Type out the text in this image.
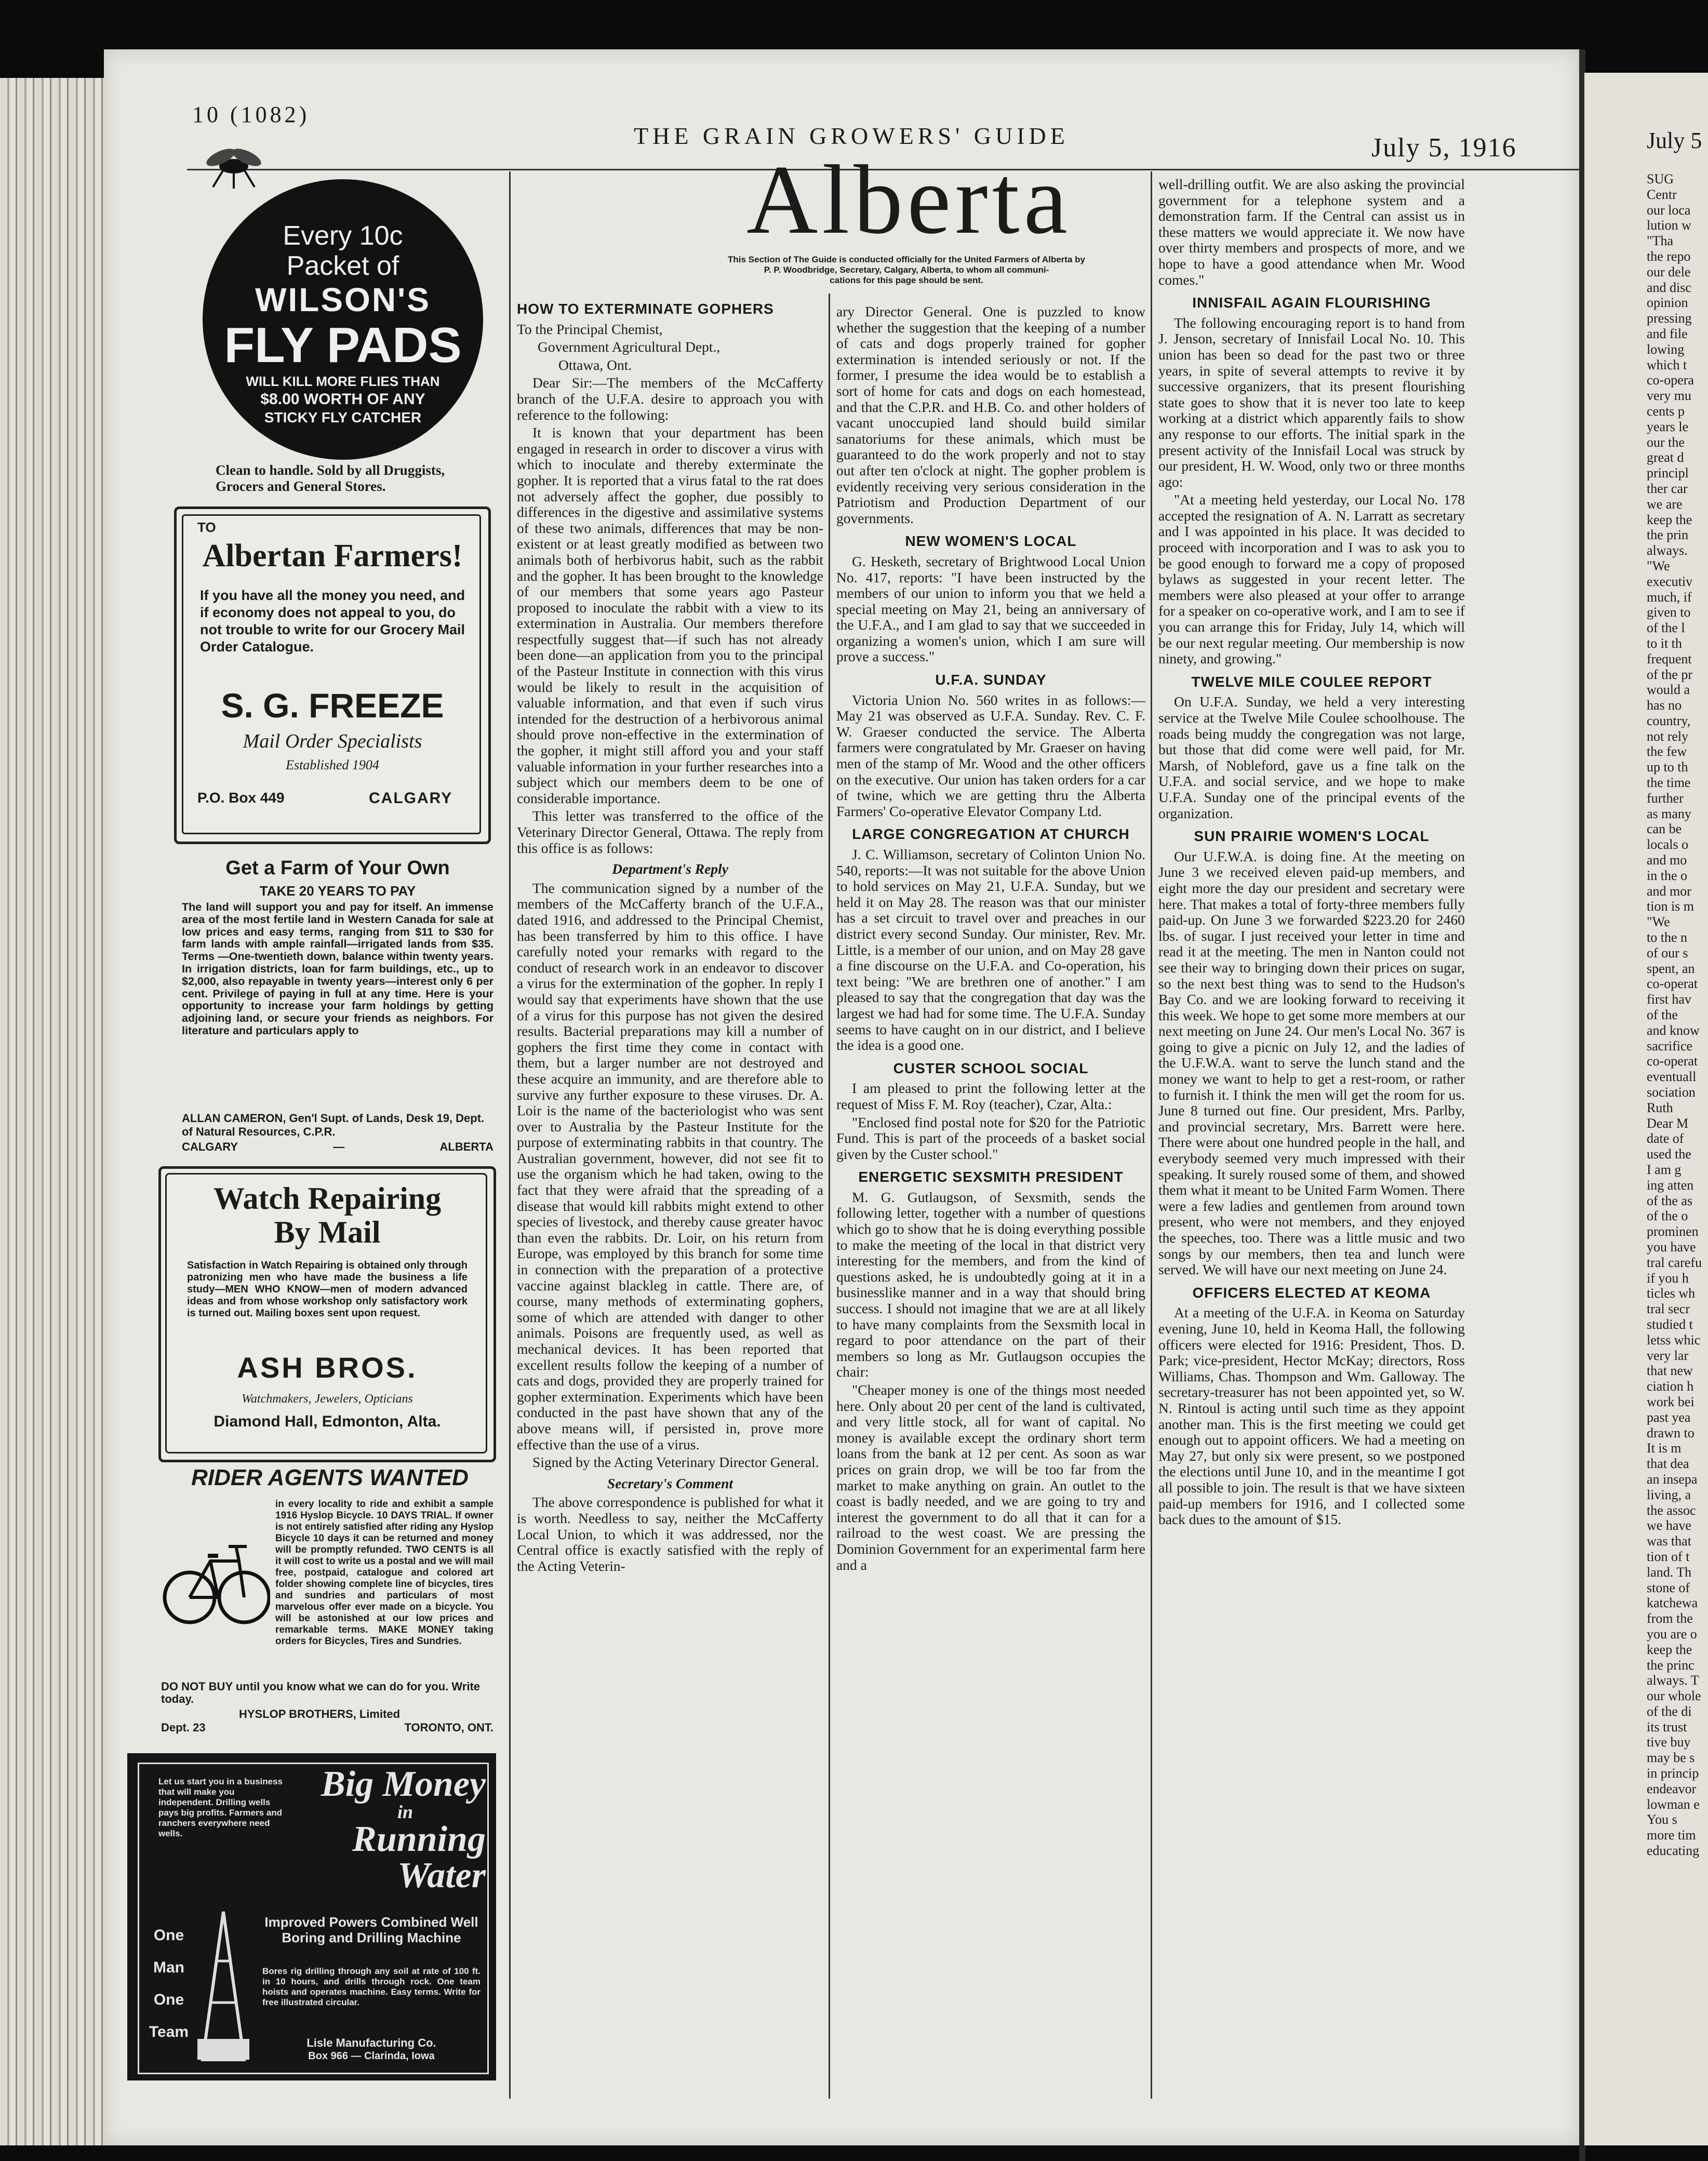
10 (1082)
THE GRAIN GROWERS' GUIDE	July 5, 1916
Alberta
This Section of The Guide is conducted officially for the United Farmers of Alberta by
P. P. Woodbridge, Secretary, Calgary, Alberta, to whom all communi-
cations for this page should be sent.
Every 10c
Packet of
WILSON'S
FLY PADS
WILL KILL MORE FLIES THAN
$8.00 WORTH OF ANY
STICKY FLY CATCHER
Clean to handle. Sold by all Druggists, Grocers and General Stores.
TO
Albertan Farmers!
If you have all the money you need, and if economy does not appeal to you, do not trouble to write for our Grocery Mail Order Catalogue.
S. G. FREEZE
Mail Order Specialists
Established 1904
P.O. Box 449	CALGARY
Get a Farm of Your Own
TAKE 20 YEARS TO PAY
The land will support you and pay for itself. An immense area of the most fertile land in Western Canada for sale at low prices and easy terms, ranging from $11 to $30 for farm lands with ample rainfall—irrigated lands from $35. Terms —One-twentieth down, balance within twenty years. In irrigation districts, loan for farm buildings, etc., up to $2,000, also repayable in twenty years—interest only 6 per cent. Privilege of paying in full at any time. Here is your opportunity to increase your farm holdings by getting adjoining land, or secure your friends as neighbors. For literature and particulars apply to
ALLAN CAMERON, Gen'l Supt. of Lands, Desk 19, Dept. of Natural Resources, C.P.R.
CALGARY	—	ALBERTA
Watch Repairing
By Mail
Satisfaction in Watch Repairing is obtained only through patronizing men who have made the business a life study—MEN WHO KNOW—men of modern advanced ideas and from whose workshop only satisfactory work is turned out. Mailing boxes sent upon request.
ASH BROS.
Watchmakers, Jewelers, Opticians
Diamond Hall, Edmonton, Alta.
RIDER AGENTS WANTED
in every locality to ride and exhibit a sample 1916 Hyslop Bicycle. 10 DAYS TRIAL. If owner is not entirely satisfied after riding any Hyslop Bicycle 10 days it can be returned and money will be promptly refunded. TWO CENTS is all it will cost to write us a postal and we will mail free, postpaid, catalogue and colored art folder showing complete line of bicycles, tires and sundries and particulars of most marvelous offer ever made on a bicycle. You will be astonished at our low prices and remarkable terms. MAKE MONEY taking orders for Bicycles, Tires and Sundries.
DO NOT BUY until you know what we can do for you. Write today.
HYSLOP BROTHERS, Limited
Dept. 23	TORONTO, ONT.
Big Money
in
Running
Water
Let us start you in a business that will make you independent. Drilling wells pays big profits. Farmers and ranchers everywhere need wells.
One Man One Team
Improved Powers Combined Well Boring and Drilling Machine
Bores rig drilling through any soil at rate of 100 ft. in 10 hours, and drills through rock. One team hoists and operates machine. Easy terms. Write for free illustrated circular.
Lisle Manufacturing Co.
Box 966 — Clarinda, Iowa
HOW TO EXTERMINATE GOPHERS

To the Principal Chemist,

Government Agricultural Dept.,

Ottawa, Ont.

Dear Sir:—The members of the McCafferty branch of the U.F.A. desire to approach you with reference to the following:

It is known that your department has been engaged in research in order to discover a virus with which to inoculate and thereby exterminate the gopher. It is reported that a virus fatal to the rat does not adversely affect the gopher, due possibly to differences in the digestive and assimilative systems of these two animals, differences that may be non-existent or at least greatly modified as between two animals both of herbivorus habit, such as the rabbit and the gopher. It has been brought to the knowledge of our members that some years ago Pasteur proposed to inoculate the rabbit with a view to its extermination in Australia. Our members therefore respectfully suggest that—if such has not already been done—an application from you to the principal of the Pasteur Institute in connection with this virus would be likely to result in the acquisition of valuable information, and that even if such virus intended for the destruction of a herbivorous animal should prove non-effective in the extermination of the gopher, it might still afford you and your staff valuable information in your further researches into a subject which our members deem to be one of considerable importance.

This letter was transferred to the office of the Veterinary Director General, Ottawa. The reply from this office is as follows:

Department's Reply

The communication signed by a number of the members of the McCafferty branch of the U.F.A., dated 1916, and addressed to the Principal Chemist, has been transferred by him to this office. I have carefully noted your remarks with regard to the conduct of research work in an endeavor to discover a virus for the extermination of the gopher. In reply I would say that experiments have shown that the use of a virus for this purpose has not given the desired results. Bacterial preparations may kill a number of gophers the first time they come in contact with them, but a larger number are not destroyed and these acquire an immunity, and are therefore able to survive any further exposure to these viruses. Dr. A. Loir is the name of the bacteriologist who was sent over to Australia by the Pasteur Institute for the purpose of exterminating rabbits in that country. The Australian government, however, did not see fit to use the organism which he had taken, owing to the fact that they were afraid that the spreading of a disease that would kill rabbits might extend to other species of livestock, and thereby cause greater havoc than even the rabbits. Dr. Loir, on his return from Europe, was employed by this branch for some time in connection with the preparation of a protective vaccine against blackleg in cattle. There are, of course, many methods of exterminating gophers, some of which are attended with danger to other animals. Poisons are frequently used, as well as mechanical devices. It has been reported that excellent results follow the keeping of a number of cats and dogs, provided they are properly trained for gopher extermination. Experiments which have been conducted in the past have shown that any of the above means will, if persisted in, prove more effective than the use of a virus.

Signed by the Acting Veterinary Director General.

Secretary's Comment

The above correspondence is published for what it is worth. Needless to say, neither the McCafferty Local Union, to which it was addressed, nor the Central office is exactly satisfied with the reply of the Acting Veterin-

ary Director General. One is puzzled to know whether the suggestion that the keeping of a number of cats and dogs properly trained for gopher extermination is intended seriously or not. If the former, I presume the idea would be to establish a sort of home for cats and dogs on each homestead, and that the C.P.R. and H.B. Co. and other holders of vacant unoccupied land should build similar sanatoriums for these animals, which must be guaranteed to do the work properly and not to stay out after ten o'clock at night. The gopher problem is evidently receiving very serious consideration in the Patriotism and Production Department of our governments.

NEW WOMEN'S LOCAL

G. Hesketh, secretary of Brightwood Local Union No. 417, reports: "I have been instructed by the members of our union to inform you that we held a special meeting on May 21, being an anniversary of the U.F.A., and I am glad to say that we succeeded in organizing a women's union, which I am sure will prove a success."

U.F.A. SUNDAY

Victoria Union No. 560 writes in as follows:—May 21 was observed as U.F.A. Sunday. Rev. C. F. W. Graeser conducted the service. The Alberta farmers were congratulated by Mr. Graeser on having men of the stamp of Mr. Wood and the other officers on the executive. Our union has taken orders for a car of twine, which we are getting thru the Alberta Farmers' Co-operative Elevator Company Ltd.

LARGE CONGREGATION AT CHURCH

J. C. Williamson, secretary of Colinton Union No. 540, reports:—It was not suitable for the above Union to hold services on May 21, U.F.A. Sunday, but we held it on May 28. The reason was that our minister has a set circuit to travel over and preaches in our district every second Sunday. Our minister, Rev. Mr. Little, is a member of our union, and on May 28 gave a fine discourse on the U.F.A. and Co-operation, his text being: "We are brethren one of another." I am pleased to say that the congregation that day was the largest we had had for some time. The U.F.A. Sunday seems to have caught on in our district, and I believe the idea is a good one.

CUSTER SCHOOL SOCIAL

I am pleased to print the following letter at the request of Miss F. M. Roy (teacher), Czar, Alta.:

"Enclosed find postal note for $20 for the Patriotic Fund. This is part of the proceeds of a basket social given by the Custer school."

ENERGETIC SEXSMITH PRESIDENT

M. G. Gutlaugson, of Sexsmith, sends the following letter, together with a number of questions which go to show that he is doing everything possible to make the meeting of the local in that district very interesting for the members, and from the kind of questions asked, he is undoubtedly going at it in a businesslike manner and in a way that should bring success. I should not imagine that we are at all likely to have many complaints from the Sexsmith local in regard to poor attendance on the part of their members so long as Mr. Gutlaugson occupies the chair:

"Cheaper money is one of the things most needed here. Only about 20 per cent of the land is cultivated, and very little stock, all for want of capital. No money is available except the ordinary short term loans from the bank at 12 per cent. As soon as war prices on grain drop, we will be too far from the market to make anything on grain. An outlet to the coast is badly needed, and we are going to try and interest the government to do all that it can for a railroad to the west coast. We are pressing the Dominion Government for an experimental farm here and a

well-drilling outfit. We are also asking the provincial government for a telephone system and a demonstration farm. If the Central can assist us in these matters we would appreciate it. We now have over thirty members and prospects of more, and we hope to have a good attendance when Mr. Wood comes."

INNISFAIL AGAIN FLOURISHING

The following encouraging report is to hand from J. Jenson, secretary of Innisfail Local No. 10. This union has been so dead for the past two or three years, in spite of several attempts to revive it by successive organizers, that its present flourishing state goes to show that it is never too late to keep working at a district which apparently fails to show any response to our efforts. The initial spark in the present activity of the Innisfail Local was struck by our president, H. W. Wood, only two or three months ago:

"At a meeting held yesterday, our Local No. 178 accepted the resignation of A. N. Larratt as secretary and I was appointed in his place. It was decided to proceed with incorporation and I was to ask you to be good enough to forward me a copy of proposed bylaws as suggested in your recent letter. The members were also pleased at your offer to arrange for a speaker on co-operative work, and I am to see if you can arrange this for Friday, July 14, which will be our next regular meeting. Our membership is now ninety, and growing."

TWELVE MILE COULEE REPORT

On U.F.A. Sunday, we held a very interesting service at the Twelve Mile Coulee schoolhouse. The roads being muddy the congregation was not large, but those that did come were well paid, for Mr. Marsh, of Nobleford, gave us a fine talk on the U.F.A. and social service, and we hope to make U.F.A. Sunday one of the principal events of the organization.

SUN PRAIRIE WOMEN'S LOCAL

Our U.F.W.A. is doing fine. At the meeting on June 3 we received eleven paid-up members, and eight more the day our president and secretary were here. That makes a total of forty-three members fully paid-up. On June 3 we forwarded $223.20 for 2460 lbs. of sugar. I just received your letter in time and read it at the meeting. The men in Nanton could not see their way to bringing down their prices on sugar, so the next best thing was to send to the Hudson's Bay Co. and we are looking forward to receiving it this week. We hope to get some more members at our next meeting on June 24. Our men's Local No. 367 is going to give a picnic on July 12, and the ladies of the U.F.W.A. want to serve the lunch stand and the money we want to help to get a rest-room, or rather to furnish it. I think the men will get the room for us. June 8 turned out fine. Our president, Mrs. Parlby, and provincial secretary, Mrs. Barrett were here. There were about one hundred people in the hall, and everybody seemed very much impressed with their speaking. It surely roused some of them, and showed them what it meant to be United Farm Women. There were a few ladies and gentlemen from around town present, who were not members, and they enjoyed the speeches, too. There was a little music and two songs by our members, then tea and lunch were served. We will have our next meeting on June 24.

OFFICERS ELECTED AT KEOMA

At a meeting of the U.F.A. in Keoma on Saturday evening, June 10, held in Keoma Hall, the following officers were elected for 1916: President, Thos. D. Park; vice-president, Hector McKay; directors, Ross Williams, Chas. Thompson and Wm. Galloway. The secretary-treasurer has not been appointed yet, so W. N. Rintoul is acting until such time as they appoint another man. This is the first meeting we could get enough out to appoint officers. We had a meeting on May 27, but only six were present, so we postponed the elections until June 10, and in the meantime I got all possible to join. The result is that we have sixteen paid-up members for 1916, and I collected some back dues to the amount of $15.

July 5
SUG
Centr
our loca
lution w
"Tha
the repo
our dele
and disc
opinion
pressing
and file
lowing
which t
co-opera
very mu
cents p
years le
our the
great d
principl
ther car
we are
keep the
the prin
always.
"We
executiv
much, if
given to
of the l
to it th
frequent
of the pr
would a
has no
country,
not rely
the few
up to th
the time
further
as many
can be
locals o
and mo
in the o
and mor
tion is m
"We
to the n
of our s
spent, an
co-operat
first hav
of the
and know
sacrifice
co-operat
eventuall
sociation
Ruth
Dear M
date of
used the
I am g
ing atten
of the as
of the o
prominen
you have
tral carefu
if you h
ticles wh
tral secr
studied t
letss whic
very lar
that new
ciation h
work bei
past yea
drawn to
It is m
that dea
an insepa
living, a
the assoc
we have
was that
tion of t
land. Th
stone of
katchewa
from the
you are o
keep the
the princ
always. T
our whole
of the di
its trust
tive buy
may be s
in princip
endeavor
lowman e
You s
more tim
educating
